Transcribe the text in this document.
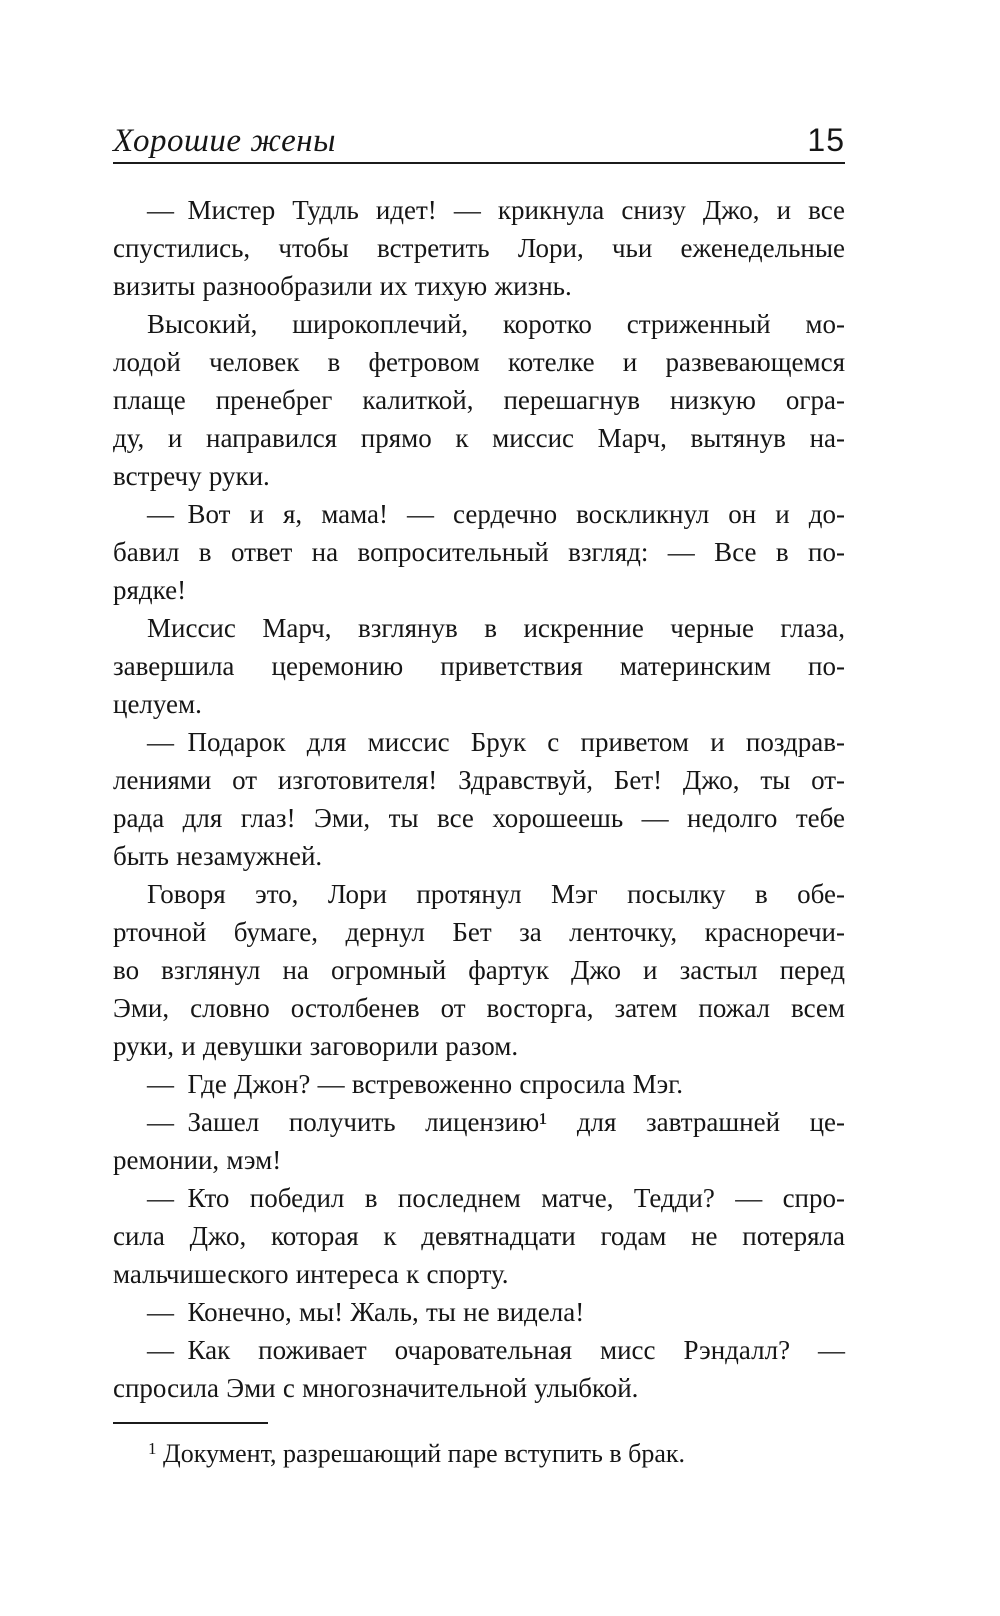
Хорошие жены	15
— Мистер Тудль идет! — крикнула снизу Джо, и все
спустились, чтобы встретить Лори, чьи еженедельные
визиты разнообразили их тихую жизнь.
Высокий, широкоплечий, коротко стриженный мо-
лодой человек в фетровом котелке и развевающемся
плаще пренебрег калиткой, перешагнув низкую огра-
ду, и направился прямо к миссис Марч, вытянув на-
встречу руки.
— Вот и я, мама! — сердечно воскликнул он и до-
бавил в ответ на вопросительный взгляд: — Все в по-
рядке!
Миссис Марч, взглянув в искренние черные глаза,
завершила церемонию приветствия материнским по-
целуем.
— Подарок для миссис Брук с приветом и поздрав-
лениями от изготовителя! Здравствуй, Бет! Джо, ты от-
рада для глаз! Эми, ты все хорошеешь — недолго тебе
быть незамужней.
Говоря это, Лори протянул Мэг посылку в обе-
рточной бумаге, дернул Бет за ленточку, красноречи-
во взглянул на огромный фартук Джо и застыл перед
Эми, словно остолбенев от восторга, затем пожал всем
руки, и девушки заговорили разом.
— Где Джон? — встревоженно спросила Мэг.
— Зашел получить лицензию¹ для завтрашней це-
ремонии, мэм!
— Кто победил в последнем матче, Тедди? — спро-
сила Джо, которая к девятнадцати годам не потеряла
мальчишеского интереса к спорту.
— Конечно, мы! Жаль, ты не видела!
— Как поживает очаровательная мисс Рэндалл? —
спросила Эми с многозначительной улыбкой.

$^1$ Документ, разрешающий паре вступить в брак.
